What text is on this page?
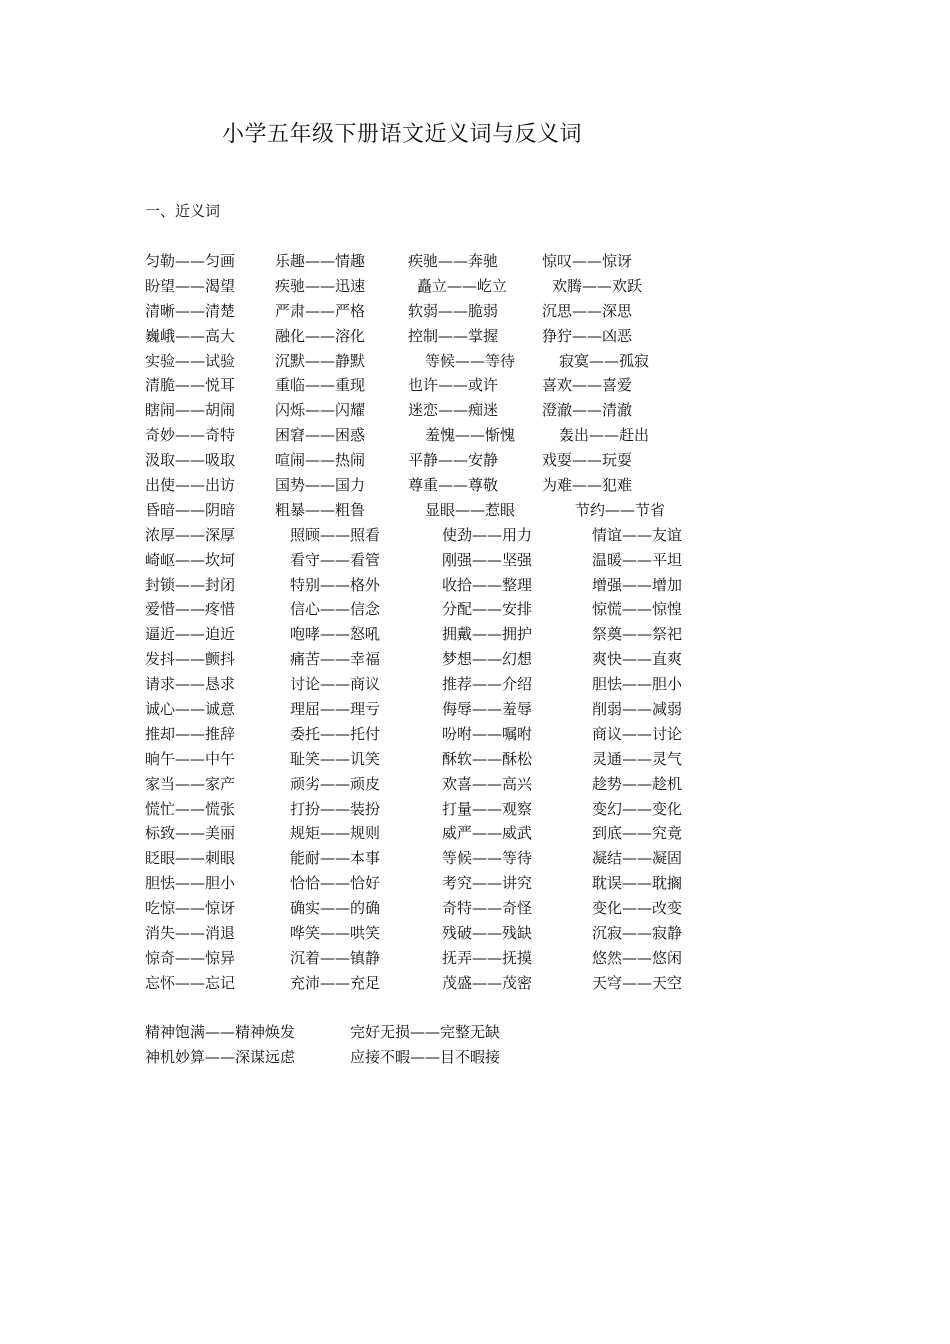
小学五年级下册语文近义词与反义词
一、近义词
匀勒——匀画	乐趣——情趣	疾驰——奔驰	惊叹——惊讶
盼望——渴望	疾驰——迅速	矗立——屹立	欢腾——欢跃
清晰——清楚	严肃——严格	软弱——脆弱	沉思——深思
巍峨——高大	融化——溶化	控制——掌握	狰狞——凶恶
实验——试验	沉默——静默	等候——等待	寂寞——孤寂
清脆——悦耳	重临——重现	也许——或许	喜欢——喜爱
瞎闹——胡闹	闪烁——闪耀	迷恋——痴迷	澄澈——清澈
奇妙——奇特	困窘——困惑	羞愧——惭愧	轰出——赶出
汲取——吸取	喧闹——热闹	平静——安静	戏耍——玩耍
出使——出访	国势——国力	尊重——尊敬	为难——犯难
昏暗——阴暗	粗暴——粗鲁	显眼——惹眼	节约——节省
浓厚——深厚	照顾——照看	使劲——用力	情谊——友谊
崎岖——坎坷	看守——看管	刚强——坚强	温暖——平坦
封锁——封闭	特别——格外	收拾——整理	增强——增加
爱惜——疼惜	信心——信念	分配——安排	惊慌——惊惶
逼近——迫近	咆哮——怒吼	拥戴——拥护	祭奠——祭祀
发抖——颤抖	痛苦——幸福	梦想——幻想	爽快——直爽
请求——恳求	讨论——商议	推荐——介绍	胆怯——胆小
诚心——诚意	理屈——理亏	侮辱——羞辱	削弱——减弱
推却——推辞	委托——托付	吩咐——嘱咐	商议——讨论
晌午——中午	耻笑——讥笑	酥软——酥松	灵通——灵气
家当——家产	顽劣——顽皮	欢喜——高兴	趁势——趁机
慌忙——慌张	打扮——装扮	打量——观察	变幻——变化
标致——美丽	规矩——规则	威严——威武	到底——究竟
眨眼——刺眼	能耐——本事	等候——等待	凝结——凝固
胆怯——胆小	恰恰——恰好	考究——讲究	耽误——耽搁
吃惊——惊讶	确实——的确	奇特——奇怪	变化——改变
消失——消退	哗笑——哄笑	残破——残缺	沉寂——寂静
惊奇——惊异	沉着——镇静	抚弄——抚摸	悠然——悠闲
忘怀——忘记	充沛——充足	茂盛——茂密	天穹——天空
精神饱满——精神焕发	完好无损——完整无缺
神机妙算——深谋远虑	应接不暇——目不暇接
